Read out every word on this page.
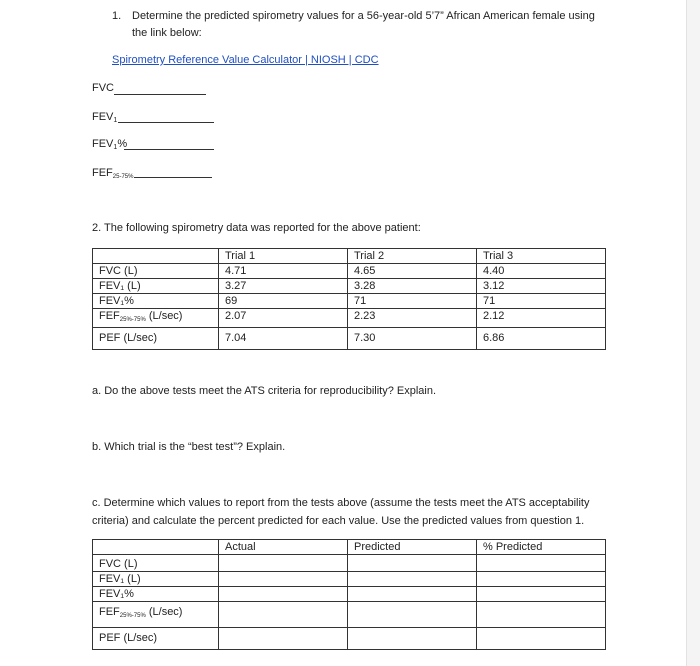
1. Determine the predicted spirometry values for a 56-year-old 5’7” African American female using
the link below:
Spirometry Reference Value Calculator | NIOSH | CDC
FVC
$FEV_1$
$FEV_1\%$
$FEF_{25-75\%}$
2. The following spirometry data was reported for the above patient:
	Trial 1	Trial 2	Trial 3
FVC (L)	4.71	4.65	4.40
FEV₁ (L)	3.27	3.28	3.12
FEV₁%	69	71	71
$FEF_{25\%-75\%}$ (L/sec)	2.07	2.23	2.12
PEF (L/sec)	7.04	7.30	6.86
a. Do the above tests meet the ATS criteria for reproducibility? Explain.
b. Which trial is the “best test”? Explain.
c. Determine which values to report from the tests above (assume the tests meet the ATS acceptability
criteria) and calculate the percent predicted for each value. Use the predicted values from question 1.
	Actual	Predicted	% Predicted
FVC (L)			
FEV₁ (L)			
FEV₁%			
$FEF_{25\%-75\%}$ (L/sec)			
PEF (L/sec)			
